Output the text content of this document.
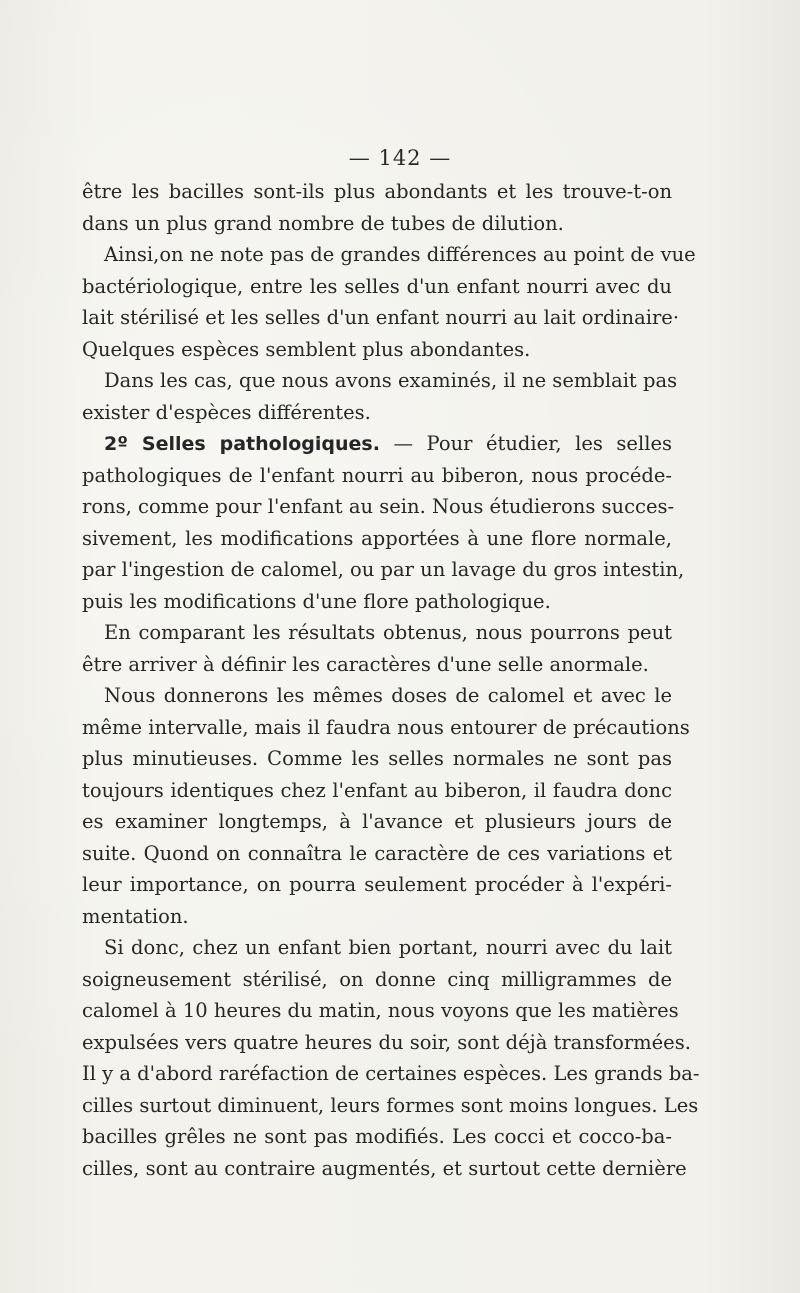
— 142 —
être les bacilles sont-ils plus abondants et les trouve-t-on
dans un plus grand nombre de tubes de dilution.
Ainsi,on ne note pas de grandes différences au point de vue
bactériologique, entre les selles d'un enfant nourri avec du
lait stérilisé et les selles d'un enfant nourri au lait ordinaire·
Quelques espèces semblent plus abondantes.
Dans les cas, que nous avons examinés, il ne semblait pas
exister d'espèces différentes.
2º Selles pathologiques. — Pour étudier, les selles
pathologiques de l'enfant nourri au biberon, nous procéde-
rons, comme pour l'enfant au sein. Nous étudierons succes-
sivement, les modifications apportées à une flore normale,
par l'ingestion de calomel, ou par un lavage du gros intestin,
puis les modifications d'une flore pathologique.
En comparant les résultats obtenus, nous pourrons peut
être arriver à définir les caractères d'une selle anormale.
Nous donnerons les mêmes doses de calomel et avec le
même intervalle, mais il faudra nous entourer de précautions
plus minutieuses. Comme les selles normales ne sont pas
toujours identiques chez l'enfant au biberon, il faudra donc
es examiner longtemps, à l'avance et plusieurs jours de
suite. Quond on connaîtra le caractère de ces variations et
leur importance, on pourra seulement procéder à l'expéri-
mentation.
Si donc, chez un enfant bien portant, nourri avec du lait
soigneusement stérilisé, on donne cinq milligrammes de
calomel à 10 heures du matin, nous voyons que les matières
expulsées vers quatre heures du soir, sont déjà transformées.
Il y a d'abord raréfaction de certaines espèces. Les grands ba-
cilles surtout diminuent, leurs formes sont moins longues. Les
bacilles grêles ne sont pas modifiés. Les cocci et cocco-ba-
cilles, sont au contraire augmentés, et surtout cette dernière
